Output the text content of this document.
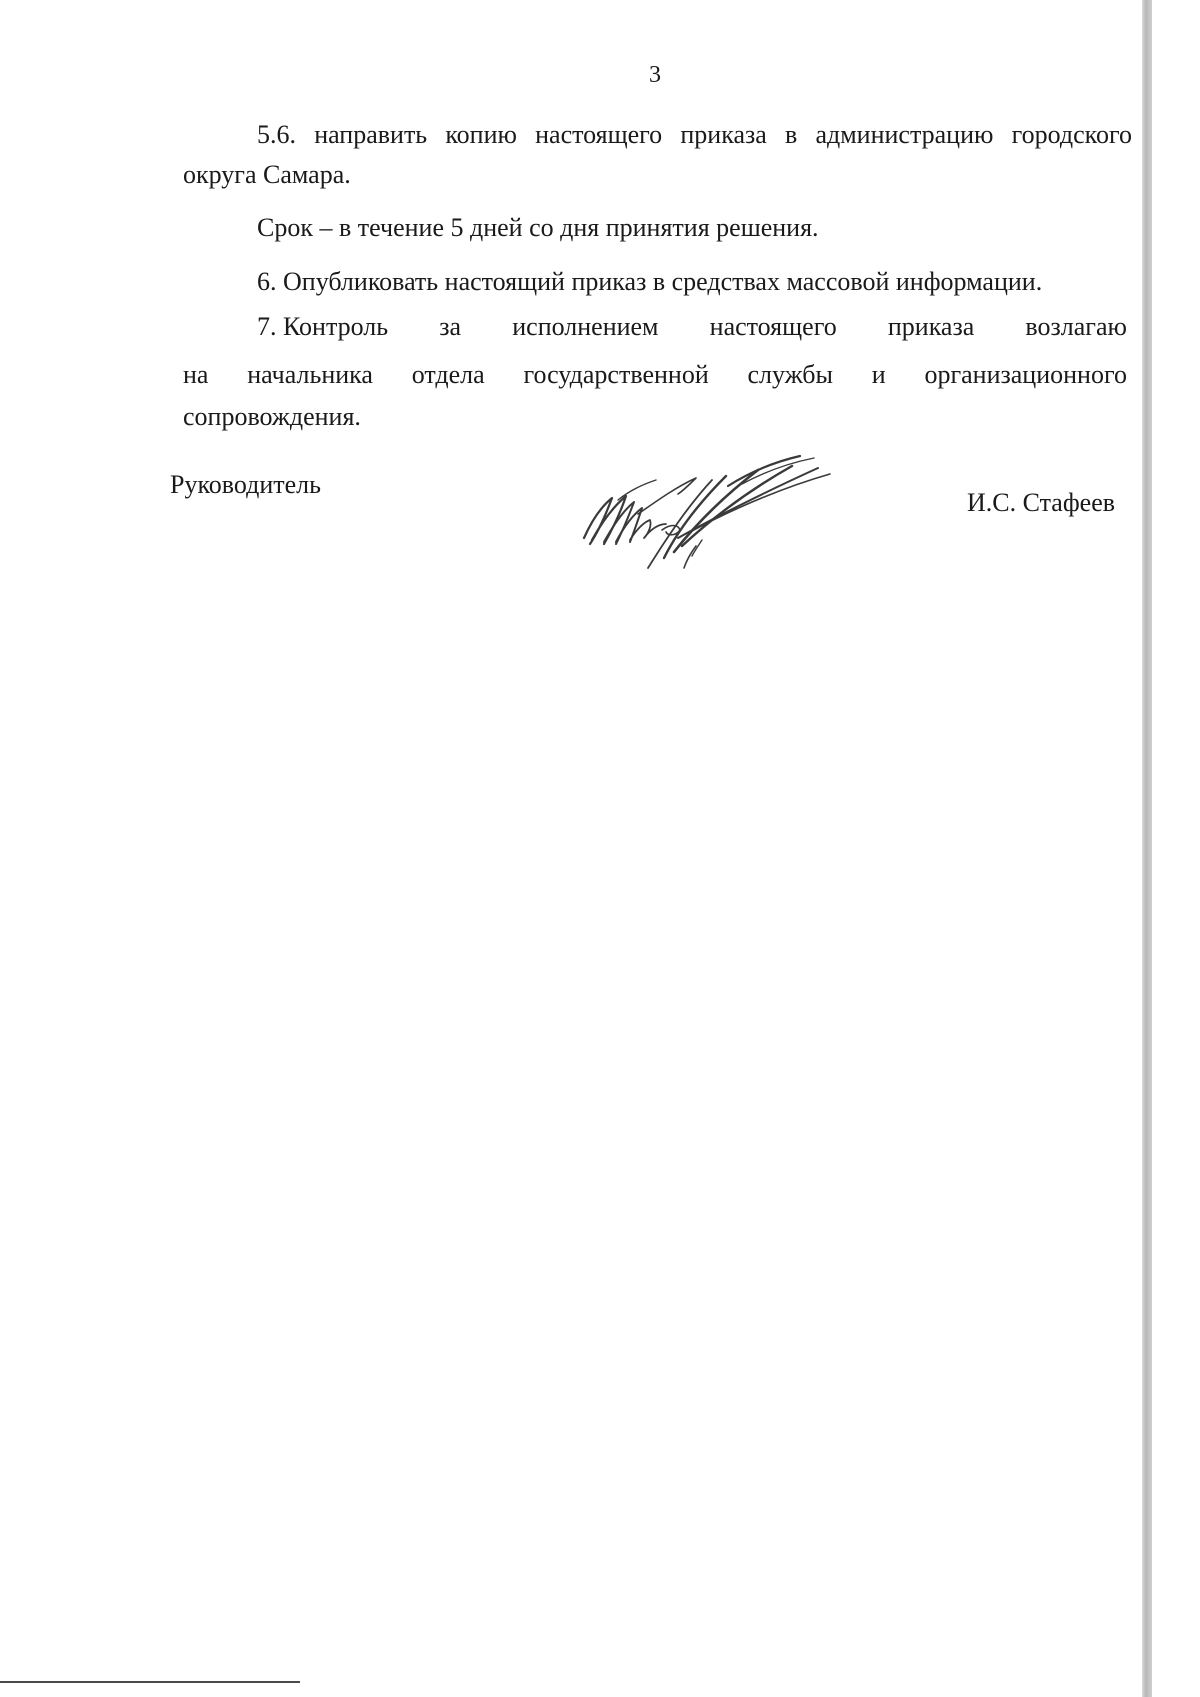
3
5.6. направить копию настоящего приказа в администрацию городского
округа Самара.
Срок – в течение 5 дней со дня принятия решения.
6. Опубликовать настоящий приказ в средствах массовой информации.
7. Контроль за исполнением настоящего приказа возлагаю
на начальника отдела государственной службы и организационного
сопровождения.
Руководитель
И.С. Стафеев
